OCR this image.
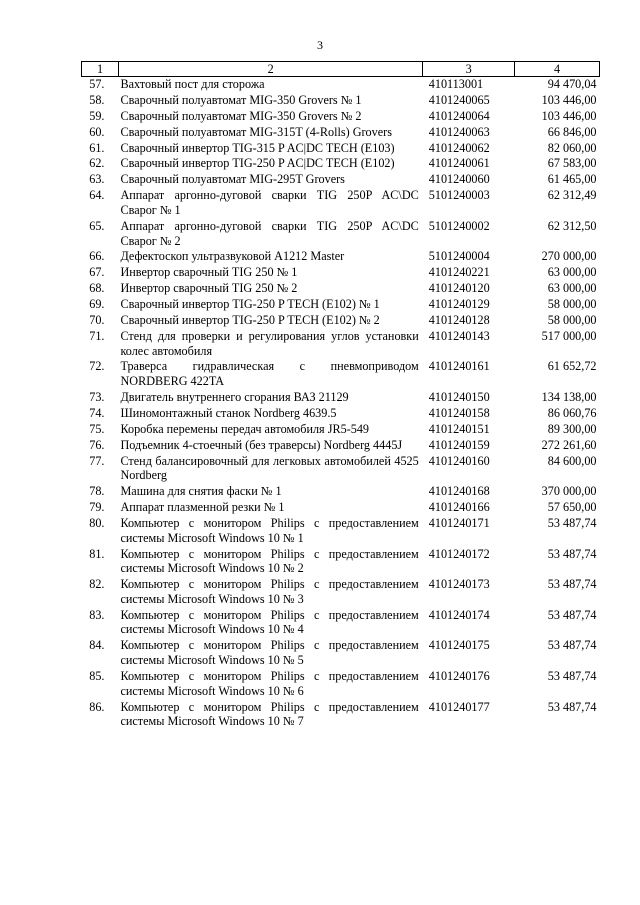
3
1	2	3	4
57.	Вахтовый пост для сторожа	410113001	94 470,04
58.	Сварочный полуавтомат MIG-350 Grovers № 1	4101240065	103 446,00
59.	Сварочный полуавтомат MIG-350 Grovers № 2	4101240064	103 446,00
60.	Сварочный полуавтомат MIG-315T (4-Rolls) Grovers	4101240063	66 846,00
61.	Сварочный инвертор TIG-315 P AC|DC TECH (E103)	4101240062	82 060,00
62.	Сварочный инвертор TIG-250 P AC|DC TECH (E102)	4101240061	67 583,00
63.	Сварочный полуавтомат MIG-295T Grovers	4101240060	61 465,00
64.	Аппарат аргонно-дуговой сварки TIG 250P AC\DC Сварог № 1	5101240003	62 312,49
65.	Аппарат аргонно-дуговой сварки TIG 250P AC\DC Сварог № 2	5101240002	62 312,50
66.	Дефектоскоп ультразвуковой A1212 Master	5101240004	270 000,00
67.	Инвертор сварочный TIG 250 № 1	4101240221	63 000,00
68.	Инвертор сварочный TIG 250 № 2	4101240120	63 000,00
69.	Сварочный инвертор TIG-250 P TECH (E102) № 1	4101240129	58 000,00
70.	Сварочный инвертор TIG-250 P TECH (E102) № 2	4101240128	58 000,00
71.	Стенд для проверки и регулирования углов установки колес автомобиля	4101240143	517 000,00
72.	Траверса гидравлическая с пневмоприводом NORDBERG 422TA	4101240161	61 652,72
73.	Двигатель внутреннего сгорания ВАЗ 21129	4101240150	134 138,00
74.	Шиномонтажный станок Nordberg 4639.5	4101240158	86 060,76
75.	Коробка перемены передач автомобиля JR5-549	4101240151	89 300,00
76.	Подъемник 4-стоечный (без траверсы) Nordberg 4445J	4101240159	272 261,60
77.	Стенд балансировочный для легковых автомобилей 4525 Nordberg	4101240160	84 600,00
78.	Машина для снятия фаски № 1	4101240168	370 000,00
79.	Аппарат плазменной резки № 1	4101240166	57 650,00
80.	Компьютер с монитором Philips с предоставлением системы Microsoft Windows 10 № 1	4101240171	53 487,74
81.	Компьютер с монитором Philips с предоставлением системы Microsoft Windows 10 № 2	4101240172	53 487,74
82.	Компьютер с монитором Philips с предоставлением системы Microsoft Windows 10 № 3	4101240173	53 487,74
83.	Компьютер с монитором Philips с предоставлением системы Microsoft Windows 10 № 4	4101240174	53 487,74
84.	Компьютер с монитором Philips с предоставлением системы Microsoft Windows 10 № 5	4101240175	53 487,74
85.	Компьютер с монитором Philips с предоставлением системы Microsoft Windows 10 № 6	4101240176	53 487,74
86.	Компьютер с монитором Philips с предоставлением системы Microsoft Windows 10 № 7	4101240177	53 487,74
